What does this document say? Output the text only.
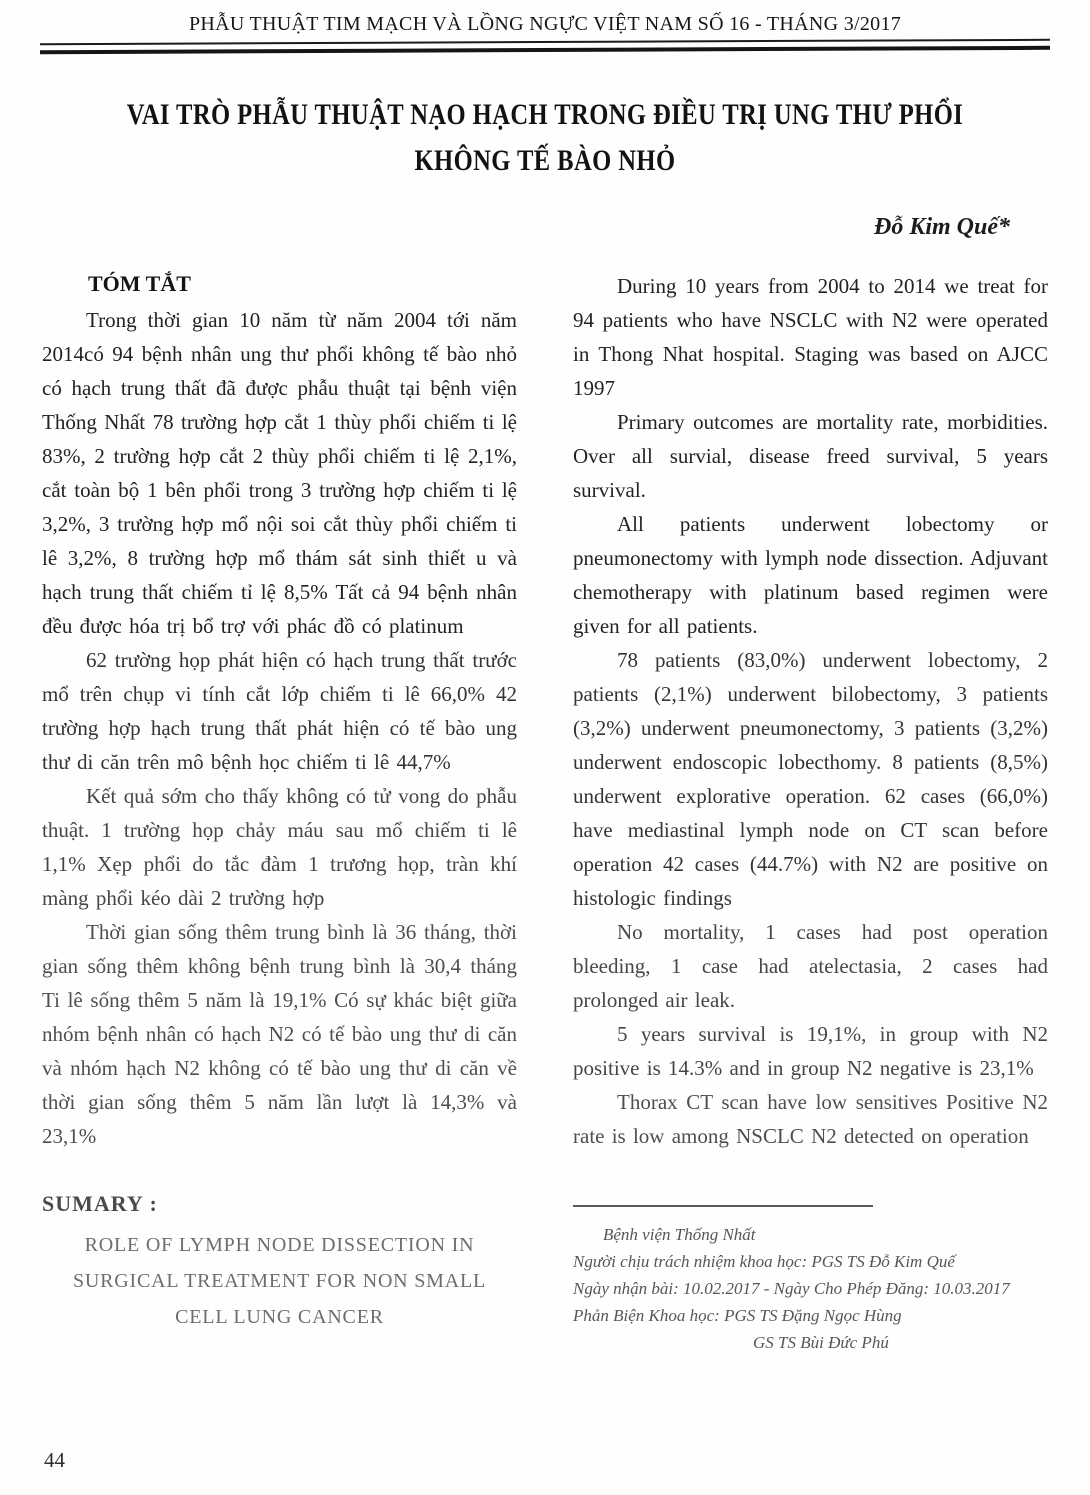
PHẪU THUẬT TIM MẠCH VÀ LỒNG NGỰC VIỆT NAM SỐ 16 - THÁNG 3/2017
VAI TRÒ PHẪU THUẬT NẠO HẠCH TRONG ĐIỀU TRỊ UNG THƯ PHỔI
KHÔNG TẾ BÀO NHỎ
Đỗ Kim Quế*
TÓM TẮT

Trong thời gian 10 năm từ năm 2004 tới năm 2014có 94 bệnh nhân ung thư phổi không tế bào nhỏ có hạch trung thất đã được phẫu thuật tại bệnh viện Thống Nhất 78 trường hợp cắt 1 thùy phổi chiếm ti lệ 83%, 2 trường hợp cắt 2 thùy phổi chiếm ti lệ 2,1%, cắt toàn bộ 1 bên phổi trong 3 trường hợp chiếm ti lệ 3,2%, 3 trường hợp mổ nội soi cắt thùy phổi chiếm ti lê 3,2%, 8 trường hợp mổ thám sát sinh thiết u và hạch trung thất chiếm tỉ lệ 8,5% Tất cả 94 bệnh nhân đều được hóa trị bổ trợ với phác đồ có platinum

62 trường họp phát hiện có hạch trung thất trước mổ trên chụp vi tính cắt lớp chiếm ti lê 66,0% 42 trường hợp hạch trung thất phát hiện có tế bào ung thư di căn trên mô bệnh học chiếm ti lê 44,7%

Kết quả sớm cho thấy không có tử vong do phẫu thuật. 1 trường họp chảy máu sau mổ chiếm ti lê 1,1% Xẹp phổi do tắc đàm 1 trương họp, tràn khí màng phổi kéo dài 2 trường hợp

Thời gian sống thêm trung bình là 36 tháng, thời gian sống thêm không bệnh trung bình là 30,4 tháng Ti lê sống thêm 5 năm là 19,1% Có sự khác biệt giữa nhóm bệnh nhân có hạch N2 có tế bào ung thư di căn và nhóm hạch N2 không có tế bào ung thư di căn về thời gian sống thêm 5 năm lần lượt là 14,3% và 23,1%

SUMARY :
ROLE OF LYMPH NODE DISSECTION IN
SURGICAL TREATMENT FOR NON SMALL
CELL LUNG CANCER

During 10 years from 2004 to 2014 we treat for 94 patients who have NSCLC with N2 were operated in Thong Nhat hospital. Staging was based on AJCC 1997

Primary outcomes are mortality rate, morbidities. Over all survial, disease freed survival, 5 years survival.

All patients underwent lobectomy or pneumonectomy with lymph node dissection. Adjuvant chemotherapy with platinum based regimen were given for all patients.

78 patients (83,0%) underwent lobectomy, 2 patients (2,1%) underwent bilobectomy, 3 patients (3,2%) underwent pneumonectomy, 3 patients (3,2%) underwent endoscopic lobecthomy. 8 patients (8,5%) underwent explorative operation. 62 cases (66,0%) have mediastinal lymph node on CT scan before operation 42 cases (44.7%) with N2 are positive on histologic findings

No mortality, 1 cases had post operation bleeding, 1 case had atelectasia, 2 cases had prolonged air leak.

5 years survival is 19,1%, in group with N2 positive is 14.3% and in group N2 negative is 23,1%

Thorax CT scan have low sensitives Positive N2 rate is low among NSCLC N2 detected on operation

Bệnh viện Thống Nhất
Người chịu trách nhiệm khoa học: PGS TS Đỗ Kim Quế
Ngày nhận bài: 10.02.2017 - Ngày Cho Phép Đăng: 10.03.2017
Phản Biện Khoa học: PGS TS Đặng Ngọc Hùng
GS TS Bùi Đức Phú
44
